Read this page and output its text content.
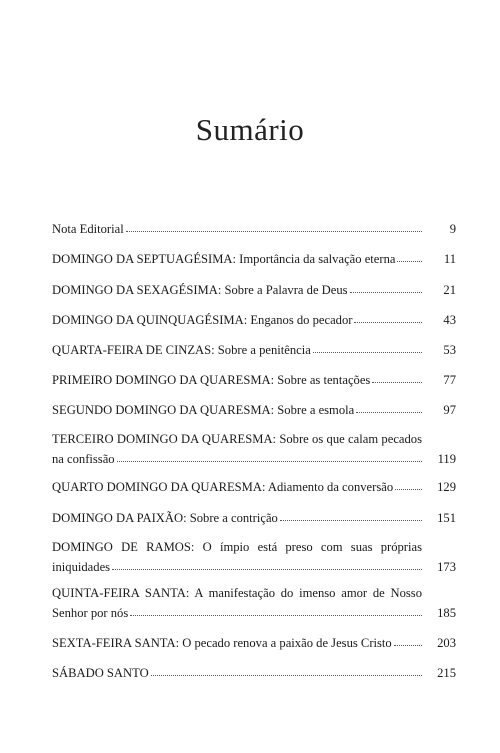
Sumário
Nota Editorial	9
DOMINGO DA SEPTUAGÉSIMA: Importância da salvação eterna	11
DOMINGO DA SEXAGÉSIMA: Sobre a Palavra de Deus	21
DOMINGO DA QUINQUAGÉSIMA: Enganos do pecador	43
QUARTA-FEIRA DE CINZAS: Sobre a penitência	53
PRIMEIRO DOMINGO DA QUARESMA: Sobre as tentações	77
SEGUNDO DOMINGO DA QUARESMA: Sobre a esmola	97
TERCEIRO DOMINGO DA QUARESMA: Sobre os que calam pecados
na confissão	119
QUARTO DOMINGO DA QUARESMA: Adiamento da conversão	129
DOMINGO DA PAIXÃO: Sobre a contrição	151
DOMINGO DE RAMOS: O ímpio está preso com suas próprias
iniquidades	173
QUINTA-FEIRA SANTA: A manifestação do imenso amor de Nosso
Senhor por nós	185
SEXTA-FEIRA SANTA: O pecado renova a paixão de Jesus Cristo	203
SÁBADO SANTO	215
